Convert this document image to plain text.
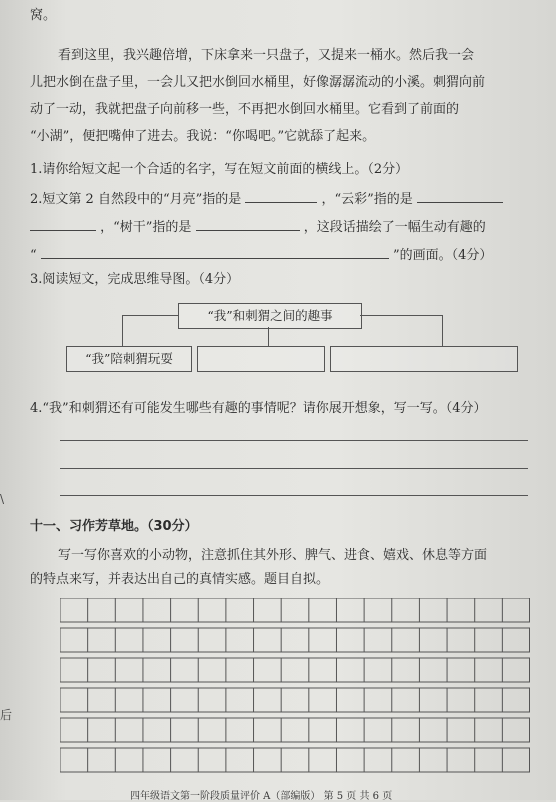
窝。
看到这里，我兴趣倍增，下床拿来一只盘子，又提来一桶水。然后我一会
儿把水倒在盘子里，一会儿又把水倒回水桶里，好像潺潺流动的小溪。刺猬向前
动了一动，我就把盘子向前移一些，不再把水倒回水桶里。它看到了前面的
“小湖”，便把嘴伸了进去。我说：“你喝吧。”它就舔了起来。
1.请你给短文起一个合适的名字，写在短文前面的横线上。（2分）
2.短文第 2 自然段中的“月亮”指的是	，“云彩”指的是
，“树干”指的是	，这段话描绘了一幅生动有趣的
“	”的画面。（4分）
3.阅读短文，完成思维导图。（4分）
“我”和刺猬之间的趣事
“我”陪刺猬玩耍
4.“我”和刺猬还有可能发生哪些有趣的事情呢？请你展开想象，写一写。（4分）
十一、习作芳草地。（30分）
写一写你喜欢的小动物，注意抓住其外形、脾气、进食、嬉戏、休息等方面
的特点来写，并表达出自己的真情实感。题目自拟。
\
后
四年级语文第一阶段质量评价 A（部编版） 第 5 页 共 6 页
